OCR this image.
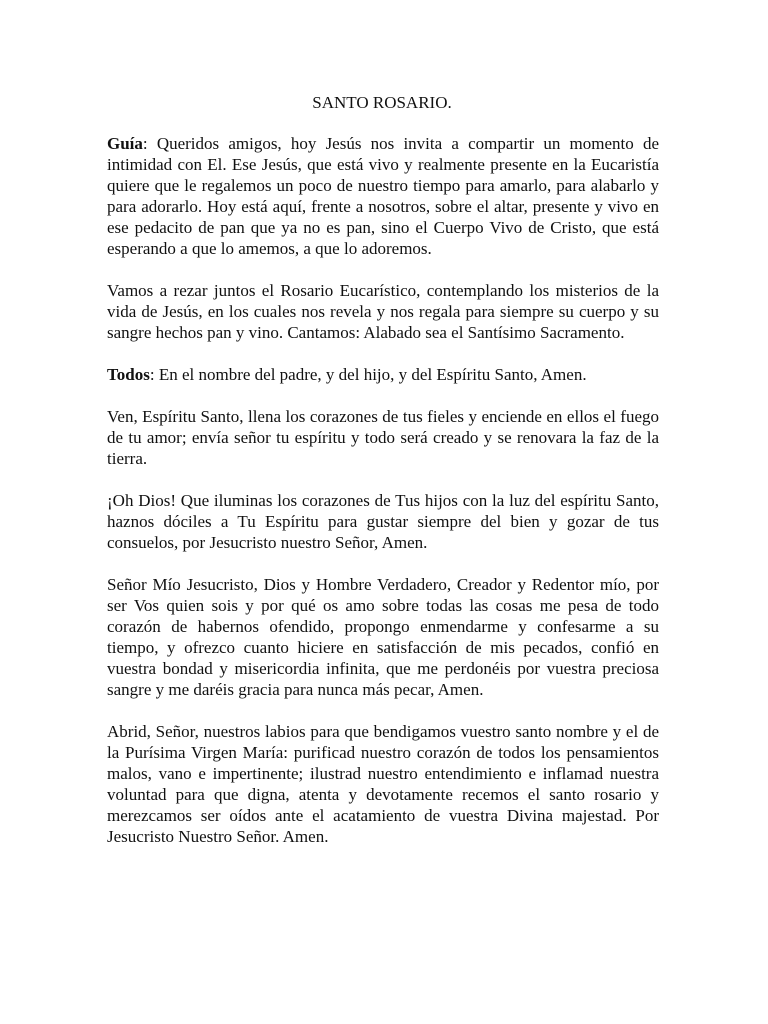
SANTO ROSARIO.

Guía: Queridos amigos, hoy Jesús nos invita a compartir un momento de intimidad con El. Ese Jesús, que está vivo y realmente presente en la Eucaristía quiere que le regalemos un poco de nuestro tiempo para amarlo, para alabarlo y para adorarlo. Hoy está aquí, frente a nosotros, sobre el altar, presente y vivo en ese pedacito de pan que ya no es pan, sino el Cuerpo Vivo de Cristo, que está esperando a que lo amemos, a que lo adoremos.

Vamos a rezar juntos el Rosario Eucarístico, contemplando los misterios de la vida de Jesús, en los cuales nos revela y nos regala para siempre su cuerpo y su sangre hechos pan y vino. Cantamos: Alabado sea el Santísimo Sacramento.

Todos: En el nombre del padre, y del hijo, y del Espíritu Santo, Amen.

Ven, Espíritu Santo, llena los corazones de tus fieles y enciende en ellos el fuego de tu amor; envía señor tu espíritu y todo será creado y se renovara la faz de la tierra.

¡Oh Dios! Que iluminas los corazones de Tus hijos con la luz del espíritu Santo, haznos dóciles a Tu Espíritu para gustar siempre del bien y gozar de tus consuelos, por Jesucristo nuestro Señor, Amen.

Señor Mío Jesucristo, Dios y Hombre Verdadero, Creador y Redentor mío, por ser Vos quien sois y por qué os amo sobre todas las cosas me pesa de todo corazón de habernos ofendido, propongo enmendarme y confesarme a su tiempo, y ofrezco cuanto hiciere en satisfacción de mis pecados, confió en vuestra bondad y misericordia infinita, que me perdonéis por vuestra preciosa sangre y me daréis gracia para nunca más pecar, Amen.

Abrid, Señor, nuestros labios para que bendigamos vuestro santo nombre y el de la Purísima Virgen María: purificad nuestro corazón de todos los pensamientos malos, vano e impertinente; ilustrad nuestro entendimiento e inflamad nuestra voluntad para que digna, atenta y devotamente recemos el santo rosario y merezcamos ser oídos ante el acatamiento de vuestra Divina majestad. Por Jesucristo Nuestro Señor. Amen.
